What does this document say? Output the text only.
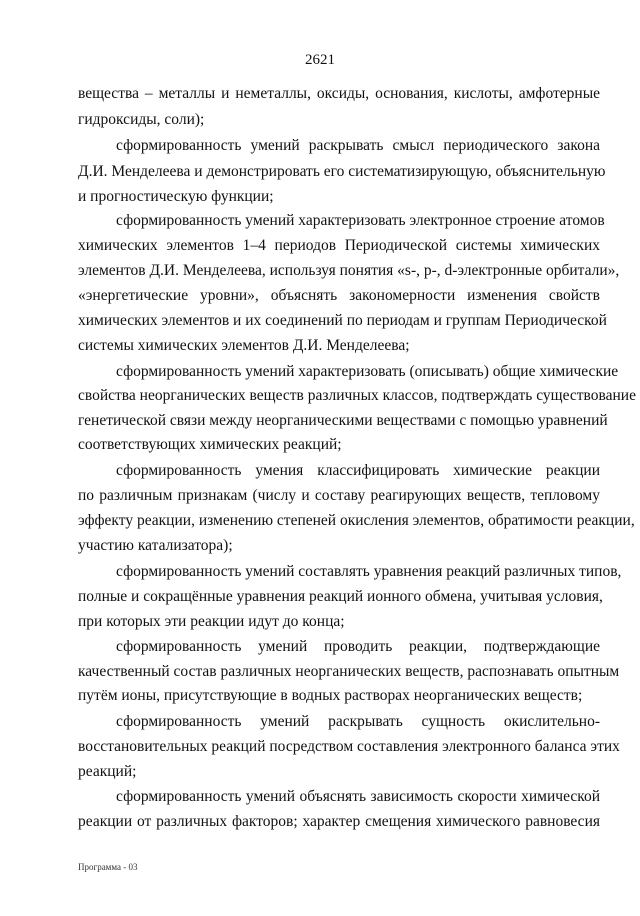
2621
вещества – металлы и неметаллы, оксиды, основания, кислоты, амфотерные
гидроксиды, соли);
сформированность умений раскрывать смысл периодического закона
Д.И. Менделеева и демонстрировать его систематизирующую, объяснительную
и прогностическую функции;
сформированность умений характеризовать электронное строение атомов
химических элементов 1–4 периодов Периодической системы химических
элементов Д.И. Менделеева, используя понятия «s-, p-, d-электронные орбитали»,
«энергетические уровни», объяснять закономерности изменения свойств
химических элементов и их соединений по периодам и группам Периодической
системы химических элементов Д.И. Менделеева;
сформированность умений характеризовать (описывать) общие химические
свойства неорганических веществ различных классов, подтверждать существование
генетической связи между неорганическими веществами с помощью уравнений
соответствующих химических реакций;
сформированность умения классифицировать химические реакции
по различным признакам (числу и составу реагирующих веществ, тепловому
эффекту реакции, изменению степеней окисления элементов, обратимости реакции,
участию катализатора);
сформированность умений составлять уравнения реакций различных типов,
полные и сокращённые уравнения реакций ионного обмена, учитывая условия,
при которых эти реакции идут до конца;
сформированность умений проводить реакции, подтверждающие
качественный состав различных неорганических веществ, распознавать опытным
путём ионы, присутствующие в водных растворах неорганических веществ;
сформированность умений раскрывать сущность окислительно-
восстановительных реакций посредством составления электронного баланса этих
реакций;
сформированность умений объяснять зависимость скорости химической
реакции от различных факторов; характер смещения химического равновесия
Программа - 03
